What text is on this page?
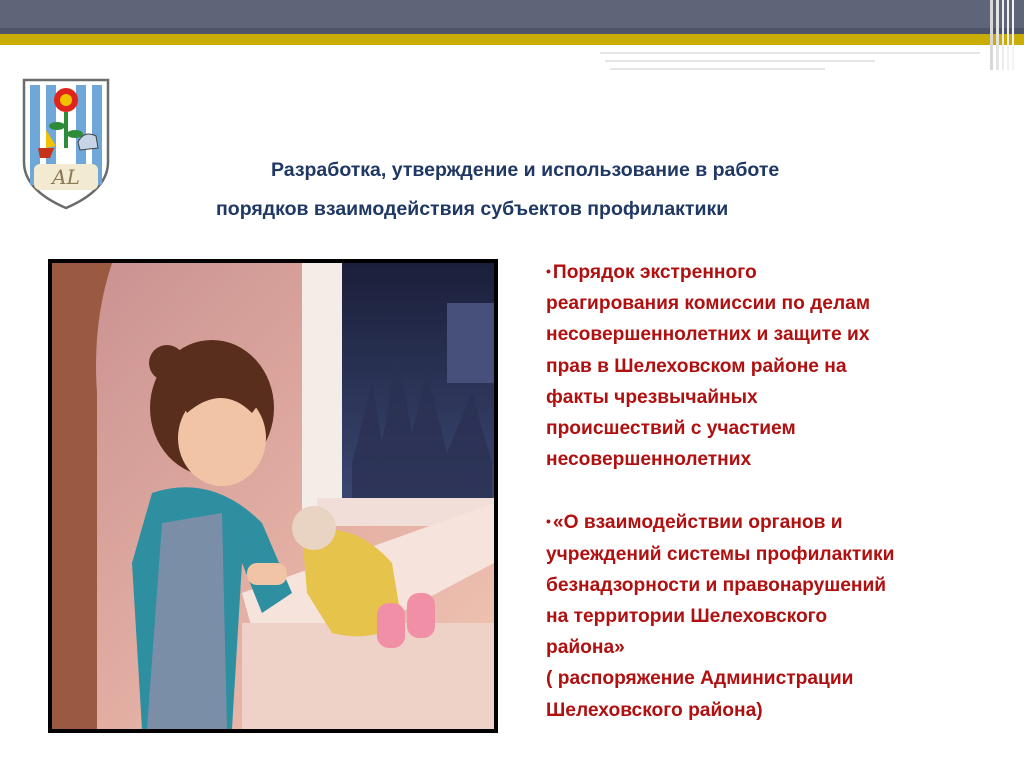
AL	Разработка, утверждение и использование в работе
порядков взаимодействия субъектов профилактики
• Порядок экстренного
реагирования комиссии по делам
несовершеннолетних и защите их
прав в Шелеховском районе на
факты чрезвычайных
происшествий с участием
несовершеннолетних
• «О взаимодействии органов и
учреждений системы профилактики
безнадзорности и правонарушений
на территории Шелеховского
района»
( распоряжение Администрации
Шелеховского района)
